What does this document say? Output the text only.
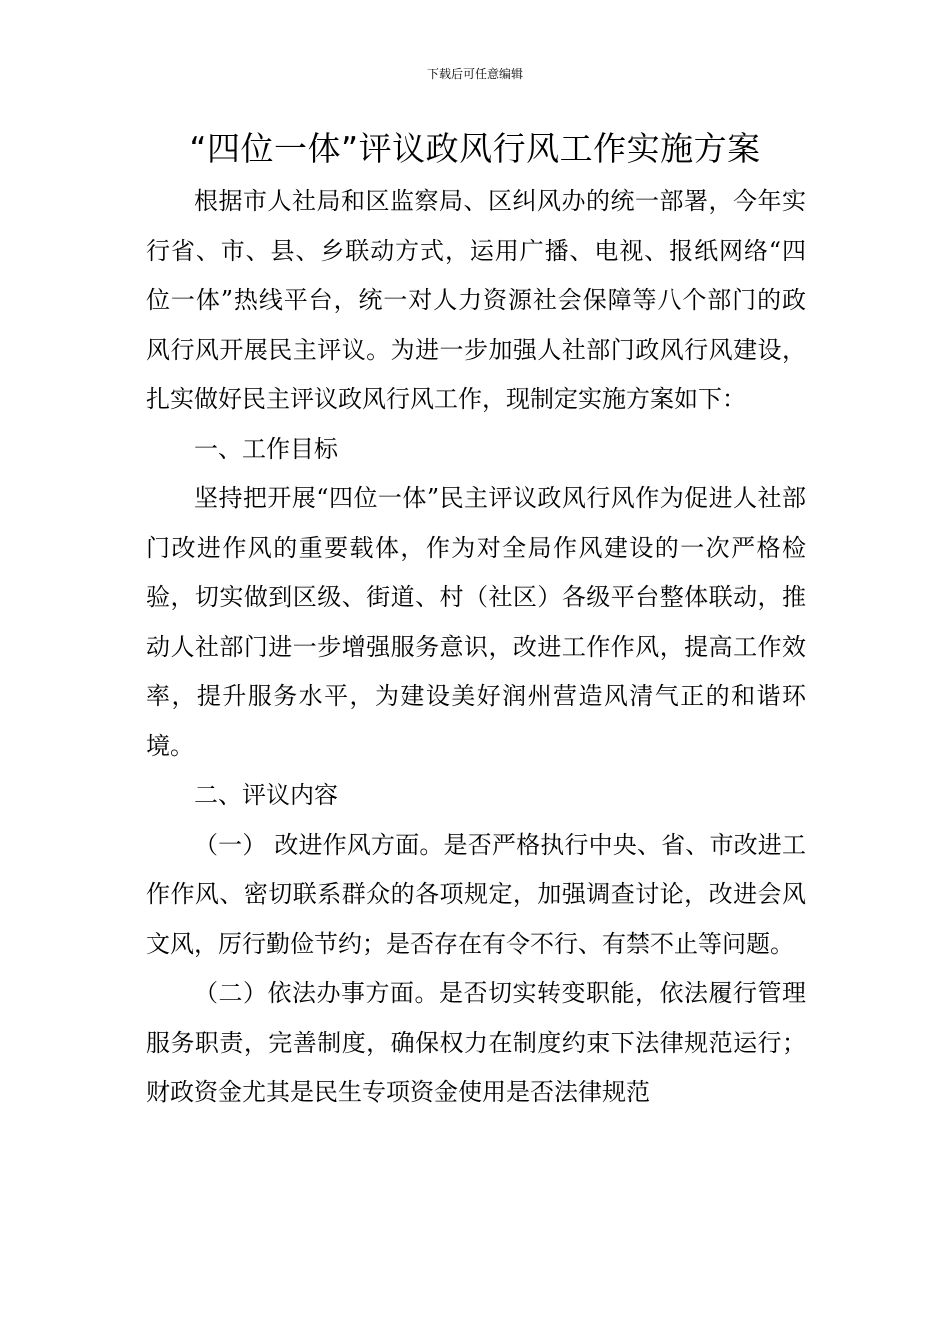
下载后可任意编辑
“四位一体”评议政风行风工作实施方案

根据市人社局和区监察局、区纠风办的统一部署，今年实行省、市、县、乡联动方式，运用广播、电视、报纸网络“四位一体”热线平台，统一对人力资源社会保障等八个部门的政风行风开展民主评议。为进一步加强人社部门政风行风建设，扎实做好民主评议政风行风工作，现制定实施方案如下：

一、工作目标

坚持把开展“四位一体”民主评议政风行风作为促进人社部门改进作风的重要载体，作为对全局作风建设的一次严格检验，切实做到区级、街道、村（社区）各级平台整体联动，推动人社部门进一步增强服务意识，改进工作作风，提高工作效率，提升服务水平，为建设美好润州营造风清气正的和谐环境。

二、评议内容

（一） 改进作风方面。是否严格执行中央、省、市改进工作作风、密切联系群众的各项规定，加强调查讨论，改进会风文风，厉行勤俭节约；是否存在有令不行、有禁不止等问题。

（二）依法办事方面。是否切实转变职能，依法履行管理服务职责，完善制度，确保权力在制度约束下法律规范运行；财政资金尤其是民生专项资金使用是否法律规范
